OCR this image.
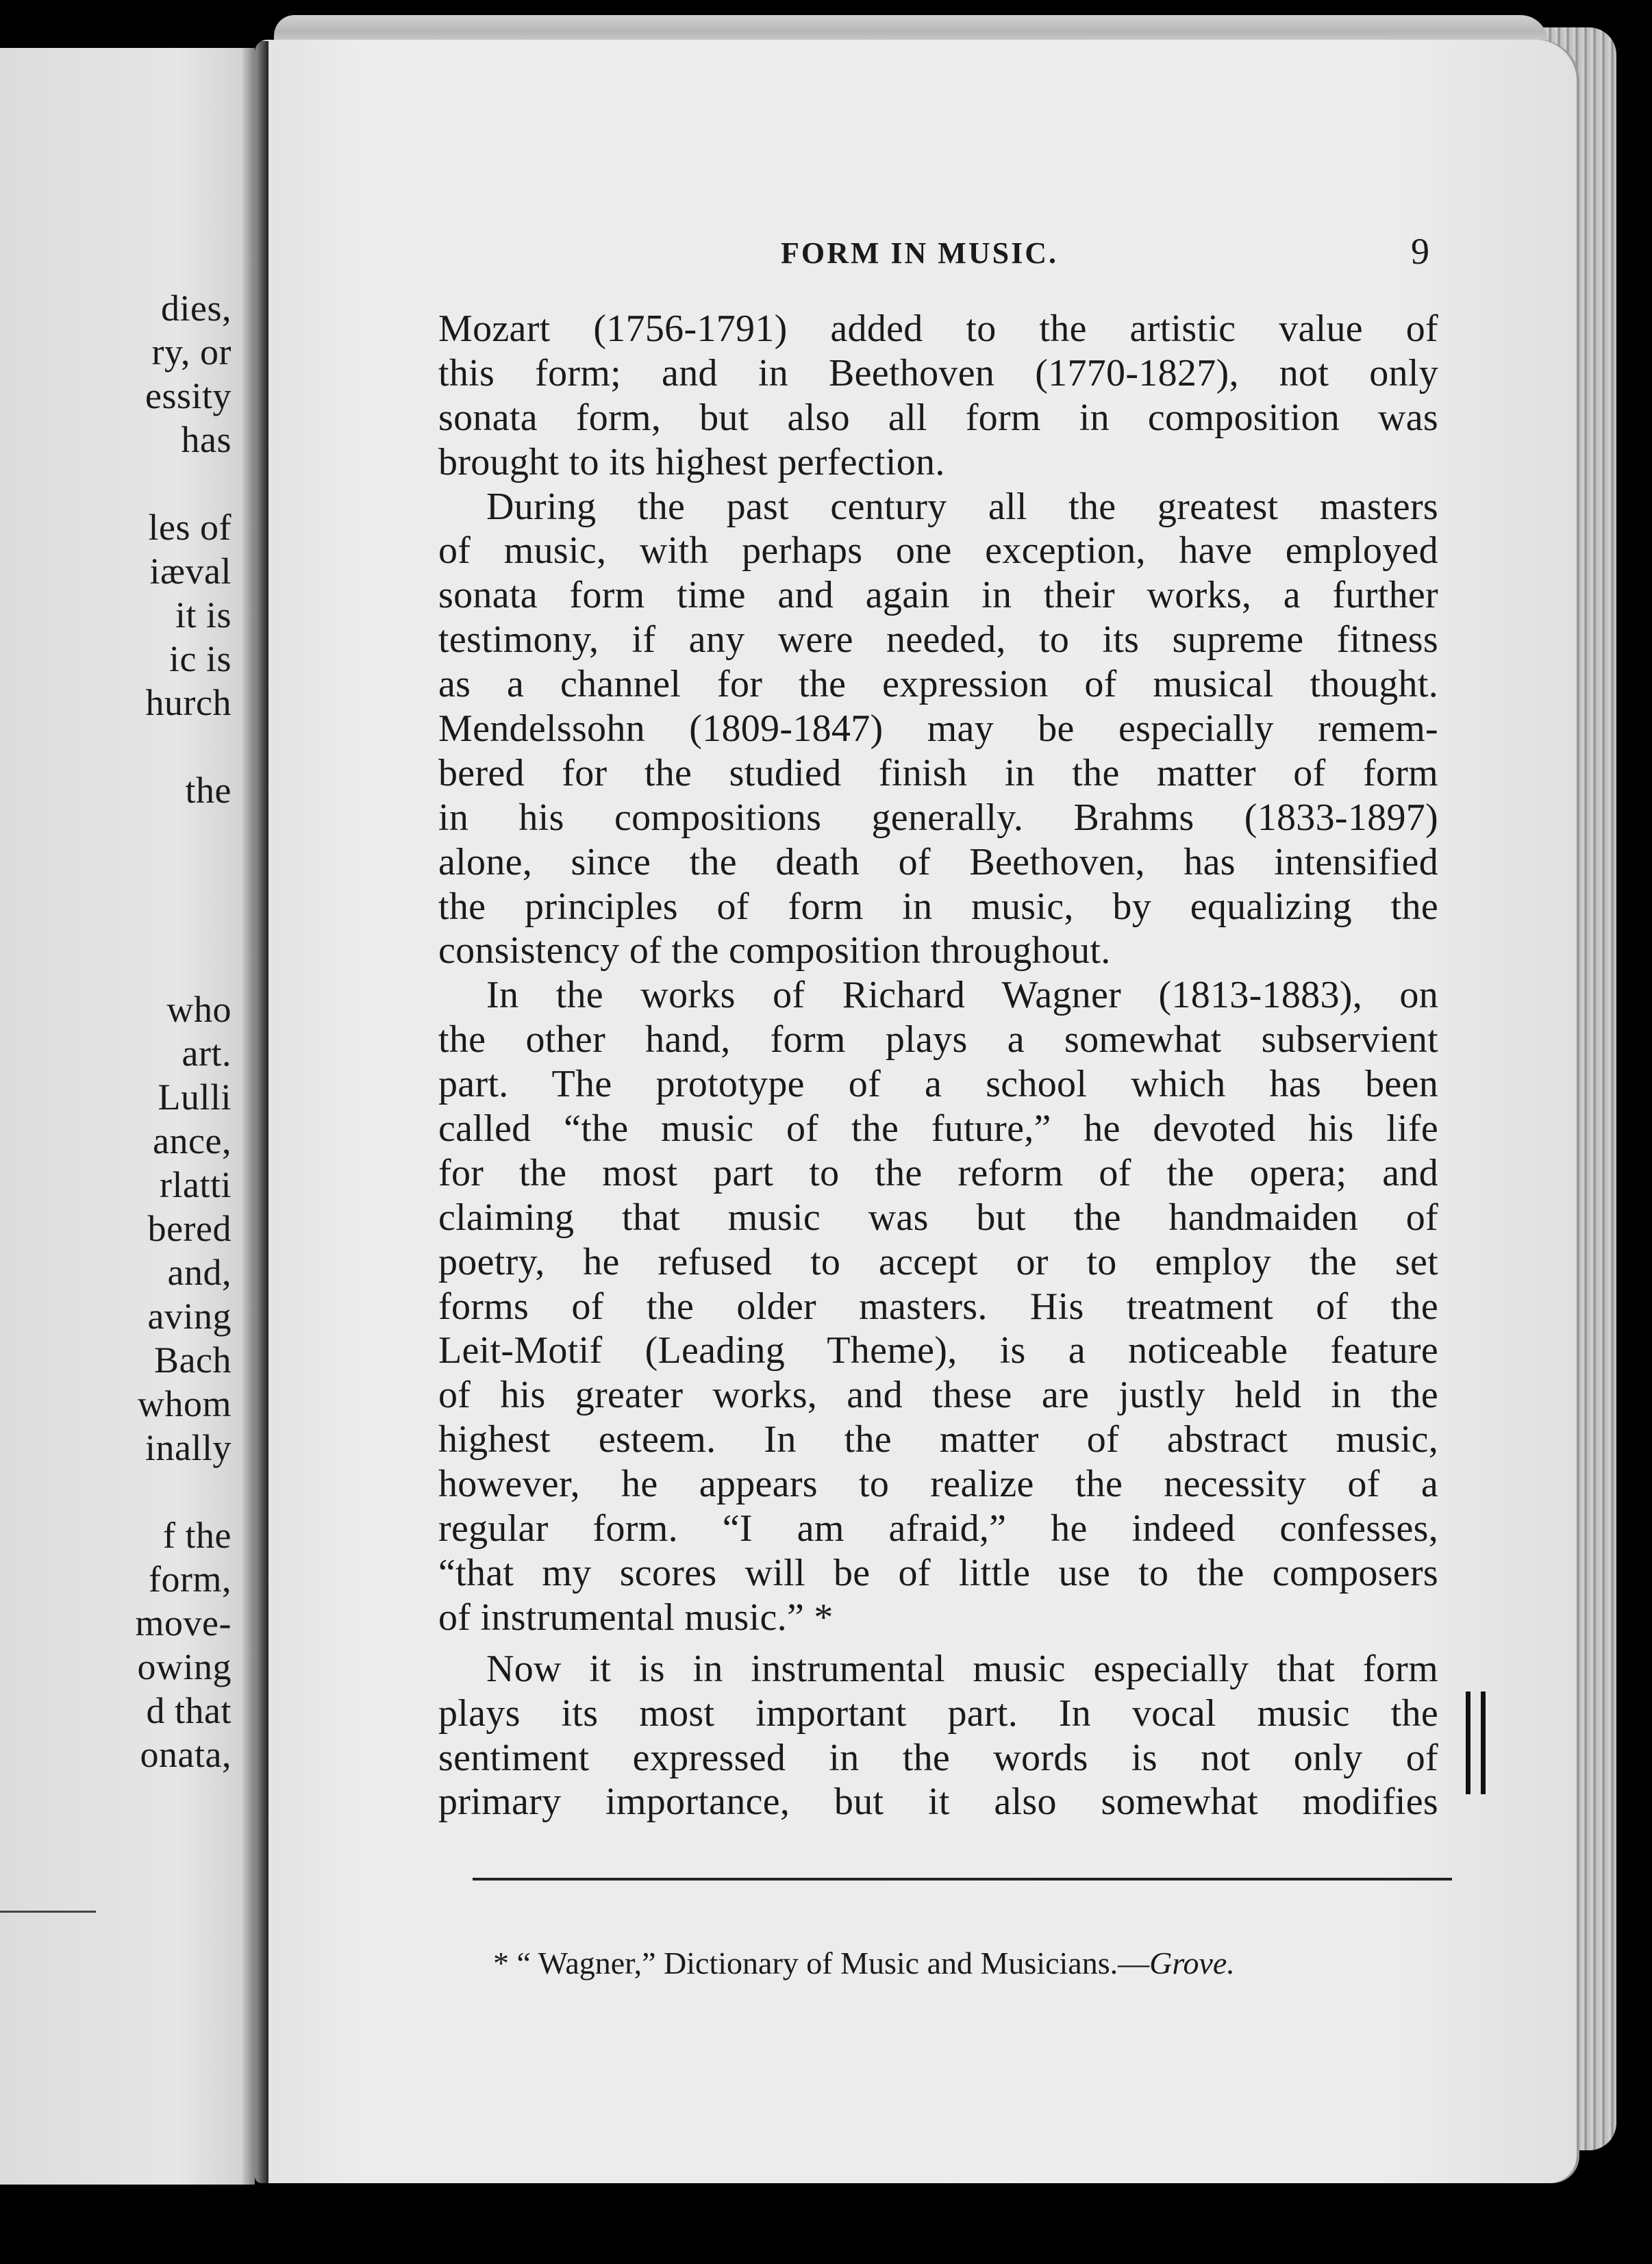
dies,
ry, or
essity
has
les of
iæval
it is
ic is
hurch
the
who
art.
Lulli
ance,
rlatti
bered
and,
aving
Bach
whom
inally
f the
form,
move-
owing
d that
onata,
FORM IN MUSIC.	9
Mozart (1756-1791) added to the artistic value of
this form; and in Beethoven (1770-1827), not only
sonata form, but also all form in composition was
brought to its highest perfection.
During the past century all the greatest masters
of music, with perhaps one exception, have employed
sonata form time and again in their works, a further
testimony, if any were needed, to its supreme fitness
as a channel for the expression of musical thought.
Mendelssohn (1809-1847) may be especially remem-
bered for the studied finish in the matter of form
in his compositions generally. Brahms (1833-1897)
alone, since the death of Beethoven, has intensified
the principles of form in music, by equalizing the
consistency of the composition throughout.
In the works of Richard Wagner (1813-1883), on
the other hand, form plays a somewhat subservient
part. The prototype of a school which has been
called “the music of the future,” he devoted his life
for the most part to the reform of the opera; and
claiming that music was but the handmaiden of
poetry, he refused to accept or to employ the set
forms of the older masters. His treatment of the
Leit-Motif (Leading Theme), is a noticeable feature
of his greater works, and these are justly held in the
highest esteem. In the matter of abstract music,
however, he appears to realize the necessity of a
regular form. “I am afraid,” he indeed confesses,
“that my scores will be of little use to the composers
of instrumental music.” *
Now it is in instrumental music especially that form
plays its most important part. In vocal music the
sentiment expressed in the words is not only of
primary importance, but it also somewhat modifies
* “ Wagner,” Dictionary of Music and Musicians.—Grove.
